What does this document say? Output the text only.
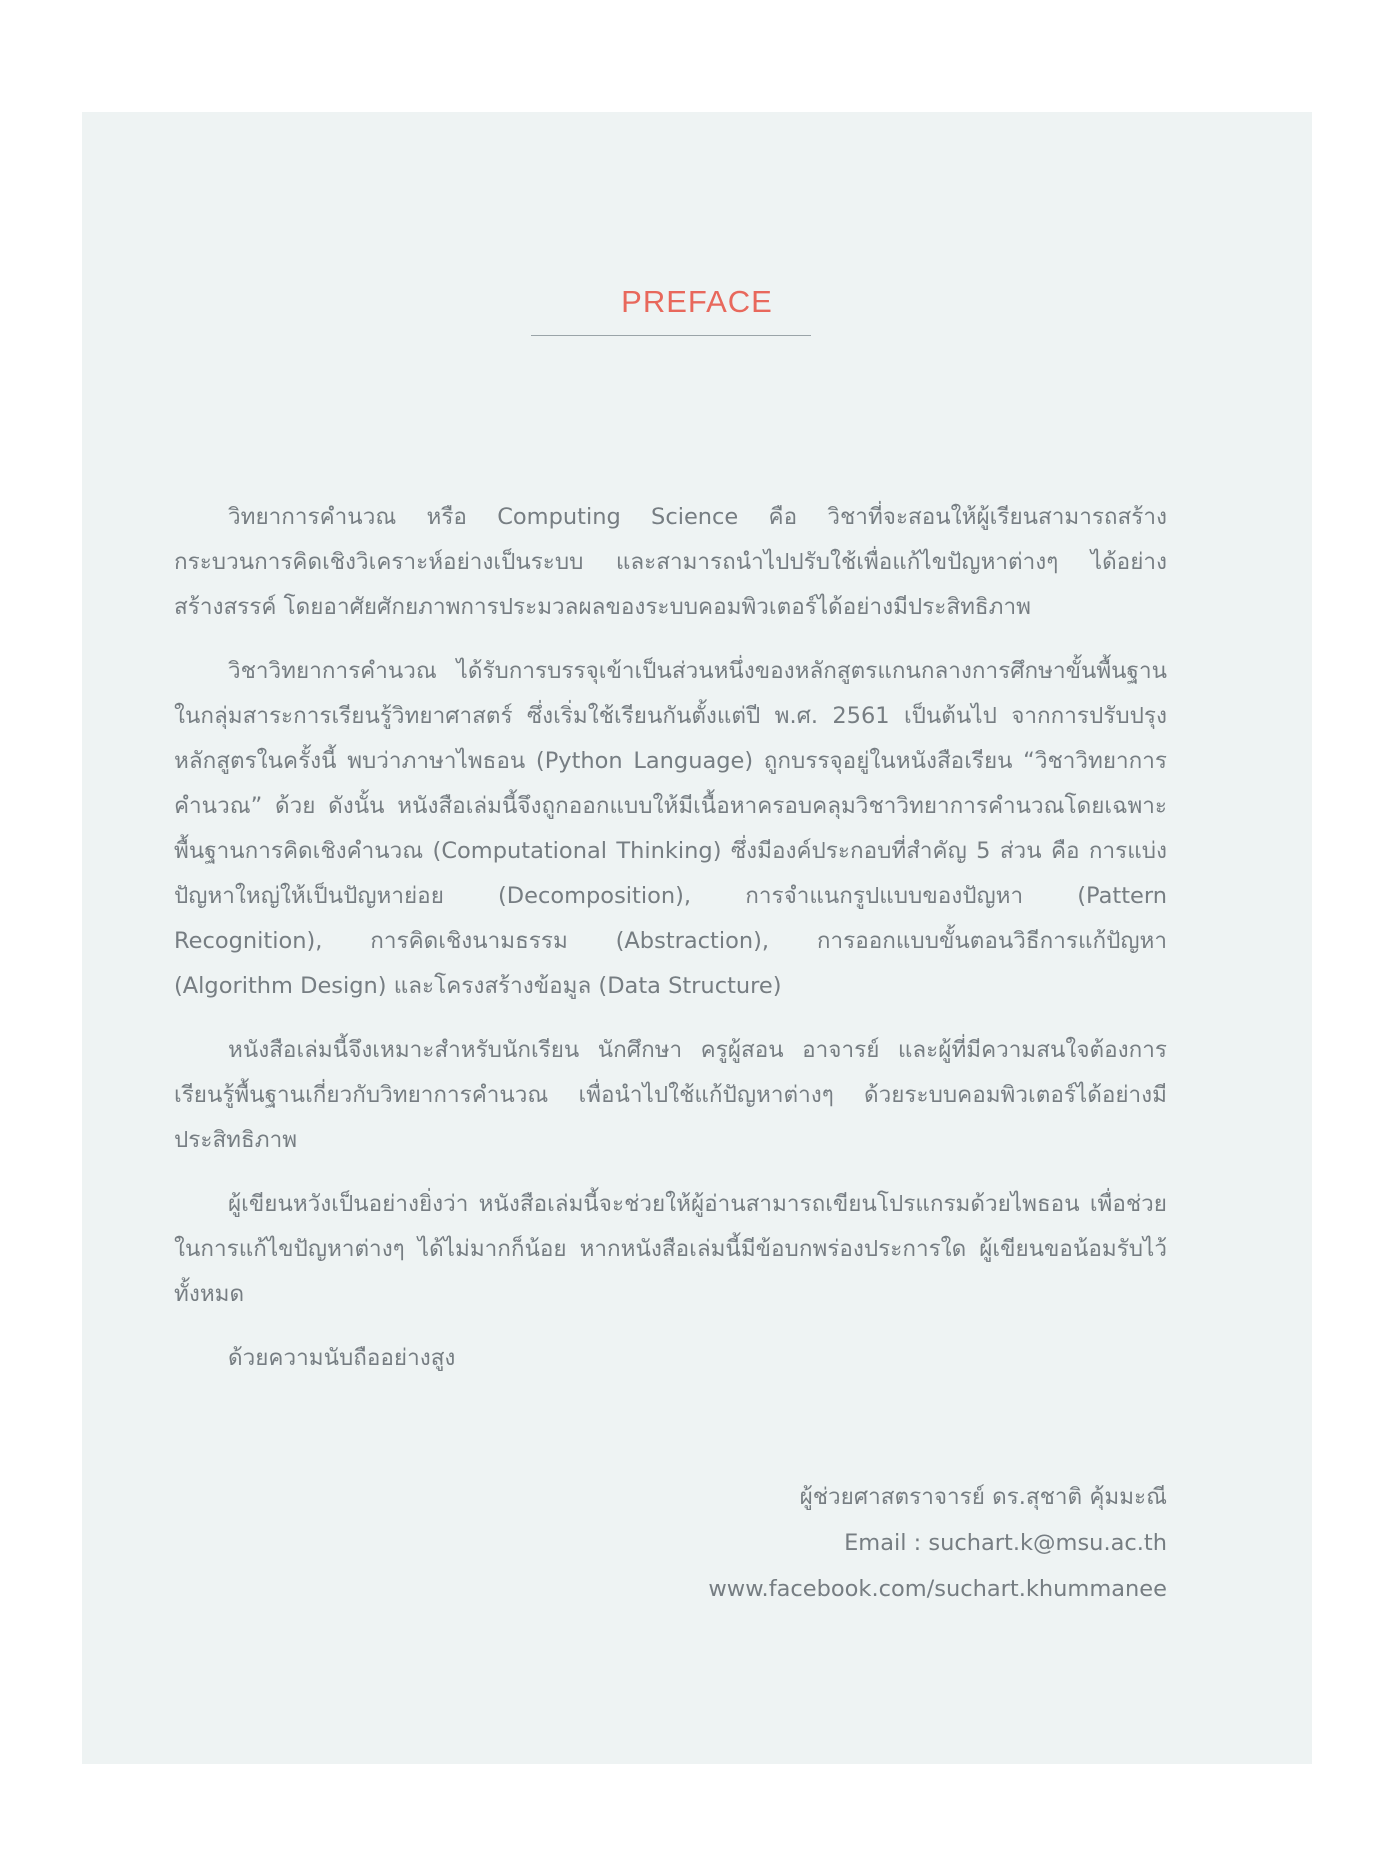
PREFACE

วิทยาการคำนวณ หรือ Computing Science คือ วิชาที่จะสอนให้ผู้เรียนสามารถสร้างกระบวนการคิดเชิงวิเคราะห์อย่างเป็นระบบ และสามารถนำไปปรับใช้เพื่อแก้ไขปัญหาต่างๆ ได้อย่างสร้างสรรค์ โดยอาศัยศักยภาพการประมวลผลของระบบคอมพิวเตอร์ได้อย่างมีประสิทธิภาพ

วิชาวิทยาการคำนวณ ได้รับการบรรจุเข้าเป็นส่วนหนึ่งของหลักสูตรแกนกลางการศึกษาขั้นพื้นฐาน ในกลุ่มสาระการเรียนรู้วิทยาศาสตร์ ซึ่งเริ่มใช้เรียนกันตั้งแต่ปี พ.ศ. 2561 เป็นต้นไป จากการปรับปรุงหลักสูตรในครั้งนี้ พบว่าภาษาไพธอน (Python Language) ถูกบรรจุอยู่ในหนังสือเรียน “วิชาวิทยาการคำนวณ” ด้วย ดังนั้น หนังสือเล่มนี้จึงถูกออกแบบให้มีเนื้อหาครอบคลุมวิชาวิทยาการคำนวณโดยเฉพาะพื้นฐานการคิดเชิงคำนวณ (Computational Thinking) ซึ่งมีองค์ประกอบที่สำคัญ 5 ส่วน คือ การแบ่งปัญหาใหญ่ให้เป็นปัญหาย่อย (Decomposition), การจำแนกรูปแบบของปัญหา (Pattern Recognition), การคิดเชิงนามธรรม (Abstraction), การออกแบบขั้นตอนวิธีการแก้ปัญหา (Algorithm Design) และโครงสร้างข้อมูล (Data Structure)

หนังสือเล่มนี้จึงเหมาะสำหรับนักเรียน นักศึกษา ครูผู้สอน อาจารย์ และผู้ที่มีความสนใจต้องการเรียนรู้พื้นฐานเกี่ยวกับวิทยาการคำนวณ เพื่อนำไปใช้แก้ปัญหาต่างๆ ด้วยระบบคอมพิวเตอร์ได้อย่างมีประสิทธิภาพ

ผู้เขียนหวังเป็นอย่างยิ่งว่า หนังสือเล่มนี้จะช่วยให้ผู้อ่านสามารถเขียนโปรแกรมด้วยไพธอน เพื่อช่วยในการแก้ไขปัญหาต่างๆ ได้ไม่มากก็น้อย หากหนังสือเล่มนี้มีข้อบกพร่องประการใด ผู้เขียนขอน้อมรับไว้ทั้งหมด

ด้วยความนับถืออย่างสูง

ผู้ช่วยศาสตราจารย์ ดร.สุชาติ คุ้มมะณี
Email : suchart.k@msu.ac.th
www.facebook.com/suchart.khummanee
